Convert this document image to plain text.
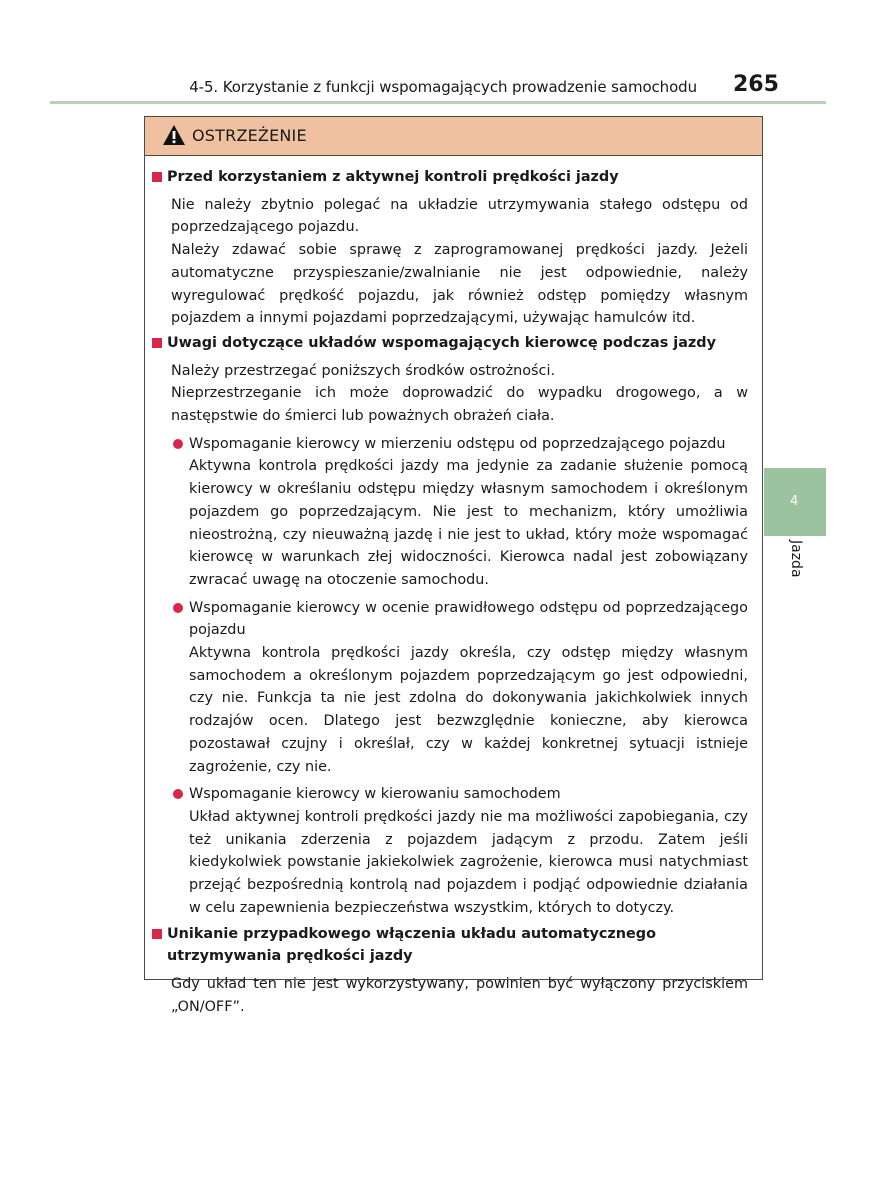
4-5. Korzystanie z funkcji wspomagających prowadzenie samochodu 265
4
Jazda
OSTRZEŻENIE
Przed korzystaniem z aktywnej kontroli prędkości jazdy

Nie należy zbytnio polegać na układzie utrzymywania stałego odstępu od poprzedzającego pojazdu.

Należy zdawać sobie sprawę z zaprogramowanej prędkości jazdy. Jeżeli automatyczne przyspieszanie/zwalnianie nie jest odpowiednie, należy wyregulować prędkość pojazdu, jak również odstęp pomiędzy własnym pojazdem a innymi pojazdami poprzedzającymi, używając hamulców itd.

Uwagi dotyczące układów wspomagających kierowcę podczas jazdy

Należy przestrzegać poniższych środków ostrożności.

Nieprzestrzeganie ich może doprowadzić do wypadku drogowego, a w następstwie do śmierci lub poważnych obrażeń ciała.

Wspomaganie kierowcy w mierzeniu odstępu od poprzedzającego pojazdu

Aktywna kontrola prędkości jazdy ma jedynie za zadanie służenie pomocą kierowcy w określaniu odstępu między własnym samochodem i określonym pojazdem go poprzedzającym. Nie jest to mechanizm, który umożliwia nieostrożną, czy nieuważną jazdę i nie jest to układ, który może wspomagać kierowcę w warunkach złej widoczności. Kierowca nadal jest zobowiązany zwracać uwagę na otoczenie samochodu.

Wspomaganie kierowcy w ocenie prawidłowego odstępu od poprzedzającego pojazdu

Aktywna kontrola prędkości jazdy określa, czy odstęp między własnym samochodem a określonym pojazdem poprzedzającym go jest odpowiedni, czy nie. Funkcja ta nie jest zdolna do dokonywania jakichkolwiek innych rodzajów ocen. Dlatego jest bezwzględnie konieczne, aby kierowca pozostawał czujny i określał, czy w każdej konkretnej sytuacji istnieje zagrożenie, czy nie.

Wspomaganie kierowcy w kierowaniu samochodem

Układ aktywnej kontroli prędkości jazdy nie ma możliwości zapobiegania, czy też unikania zderzenia z pojazdem jadącym z przodu. Zatem jeśli kiedykolwiek powstanie jakiekolwiek zagrożenie, kierowca musi natychmiast przejąć bezpośrednią kontrolą nad pojazdem i podjąć odpowiednie działania w celu zapewnienia bezpieczeństwa wszystkim, których to dotyczy.

Unikanie przypadkowego włączenia układu automatycznego utrzymywania prędkości jazdy

Gdy układ ten nie jest wykorzystywany, powinien być wyłączony przyciskiem „ON/OFF”.
